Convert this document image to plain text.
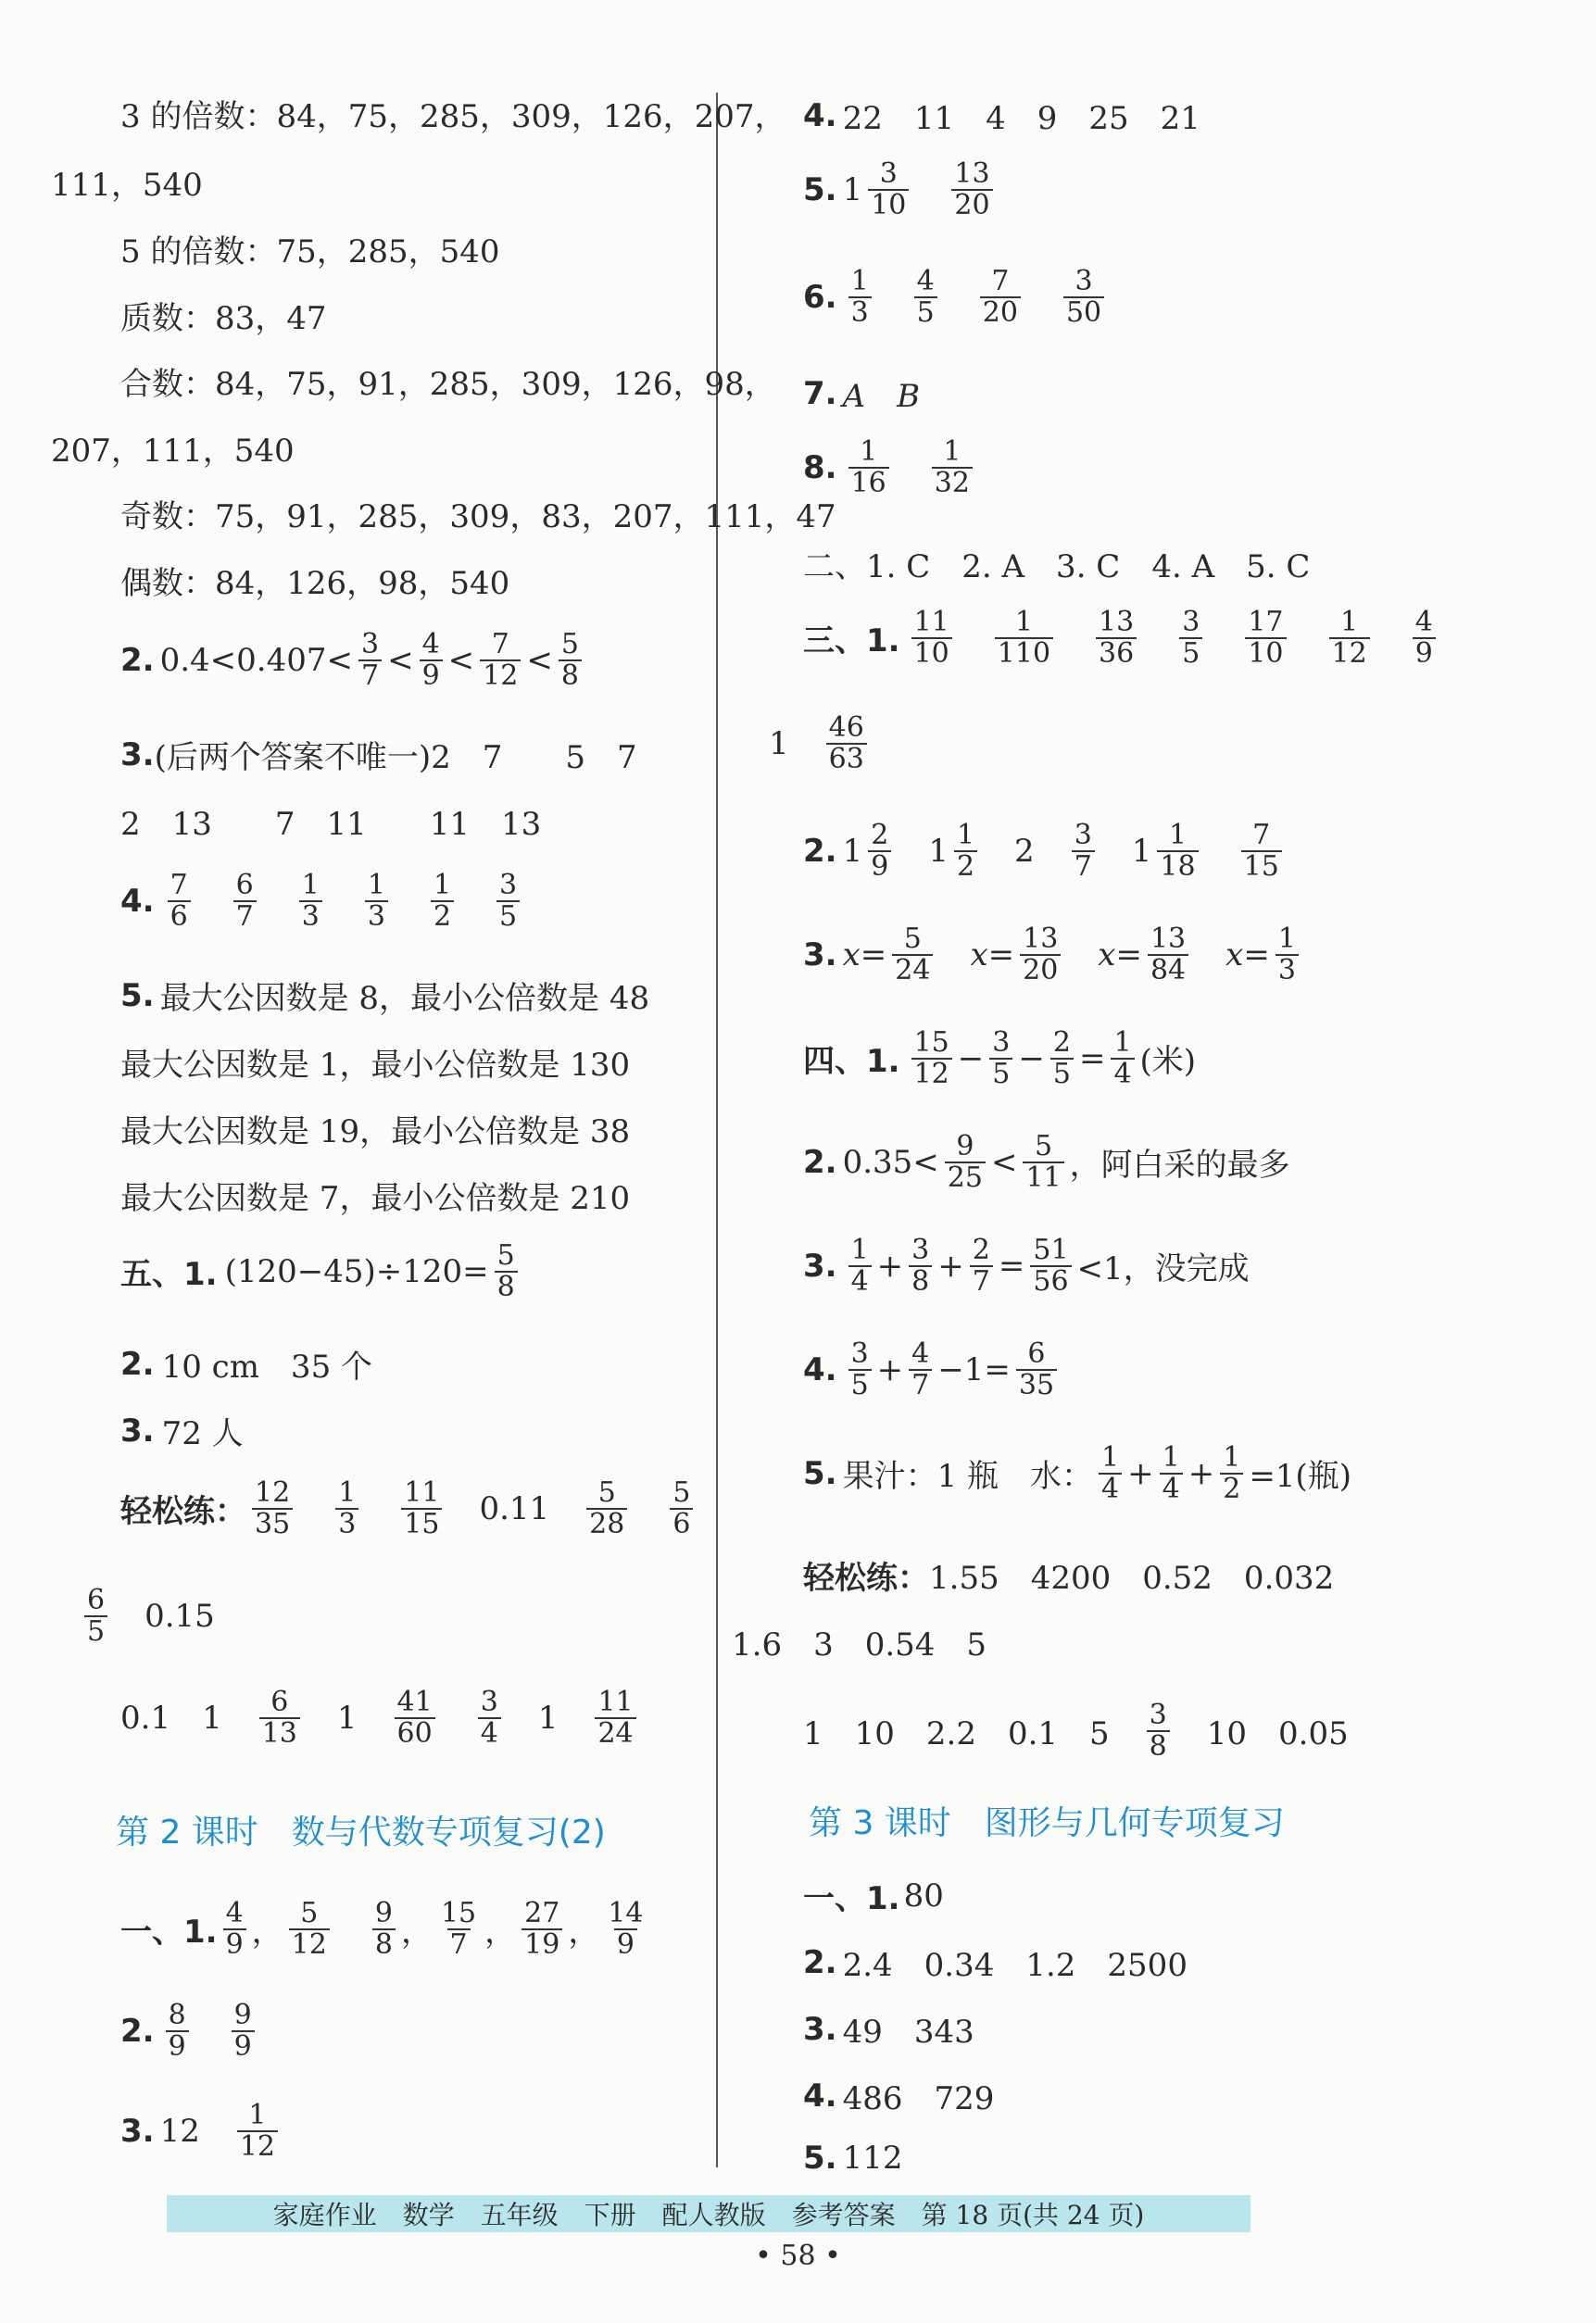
3 的倍数：84，75，285，309，126，207，
111，540
5 的倍数：75，285，540
质数：83，47
合数：84，75，91，285，309，126，98，
207，111，540
奇数：75，91，285，309，83，207，111，47
偶数：84，126，98，540
2. $0.4<0.407< \frac{3}{7} < \frac{4}{9} < \frac{7}{12} < \frac{5}{8}$
3. (后两个答案不唯一)2　7　　5　7
2　13　　7　11　　11　13
4. $\frac{7}{6} \frac{6}{7} \frac{1}{3} \frac{1}{3} \frac{1}{2} \frac{3}{5}$
5. 最大公因数是 8，最小公倍数是 48
最大公因数是 1，最小公倍数是 130
最大公因数是 19，最小公倍数是 38
最大公因数是 7，最小公倍数是 210
五、1. $(120-45)\div 120= \frac{5}{8}$
2. 10 cm　35 个
3. 72 人
轻松练： $\frac{12}{35} \frac{1}{3} \frac{11}{15} 0.11 \frac{5}{28} \frac{5}{6}$
$\frac{6}{5} 0.15$
0.1 $1 \frac{6}{13} 1 \frac{41}{60} \frac{3}{4} 1 \frac{11}{24}$
第 2 课时　数与代数专项复习(2)
一、1. $\frac{4}{9}$ ， $\frac{5}{12} \frac{9}{8}$ ， $\frac{15}{7}$ ， $\frac{27}{19}$ ， $\frac{14}{9}$
2. $\frac{8}{9} \frac{9}{9}$
3. $12 \frac{1}{12}$
4. 22　11　4　9　25　21
5. $1 \frac{3}{10} \frac{13}{20}$
6. $\frac{1}{3} \frac{4}{5} \frac{7}{20} \frac{3}{50}$
7. A　B
8. $\frac{1}{16} \frac{1}{32}$
二、1. C　2. A　3. C　4. A　5. C
三、1. $\frac{11}{10} \frac{1}{110} \frac{13}{36} \frac{3}{5} \frac{17}{10} \frac{1}{12} \frac{4}{9}$
$1 \frac{46}{63}$
2. $1 \frac{2}{9} 1 \frac{1}{2} 2 \frac{3}{7} 1 \frac{1}{18} \frac{7}{15}$
3. $x= \frac{5}{24} x= \frac{13}{20} x= \frac{13}{84} x= \frac{1}{3}$
四、1. $\frac{15}{12} - \frac{3}{5} - \frac{2}{5} = \frac{1}{4}$ (米)
2. $0.35< \frac{9}{25} < \frac{5}{11}$ ，阿白采的最多
3. $\frac{1}{4} + \frac{3}{8} + \frac{2}{7} = \frac{51}{56} <1$，没完成
4. $\frac{3}{5} + \frac{4}{7} -1= \frac{6}{35}$
5. 果汁：1 瓶　水： $\frac{1}{4} + \frac{1}{4} + \frac{1}{2} =1$(瓶)
轻松练： 1.55　4200　0.52　0.032
1.6　3　0.54　5
1　10　2.2　0.1　$5 \frac{3}{8} 10$　0.05
第 3 课时　图形与几何专项复习
一、1. 80
2. 2.4　0.34　1.2　2500
3. 49　343
4. 486　729
5. 112
家庭作业　数学　五年级　下册　配人教版　参考答案　第 18 页(共 24 页)
• 58 •
